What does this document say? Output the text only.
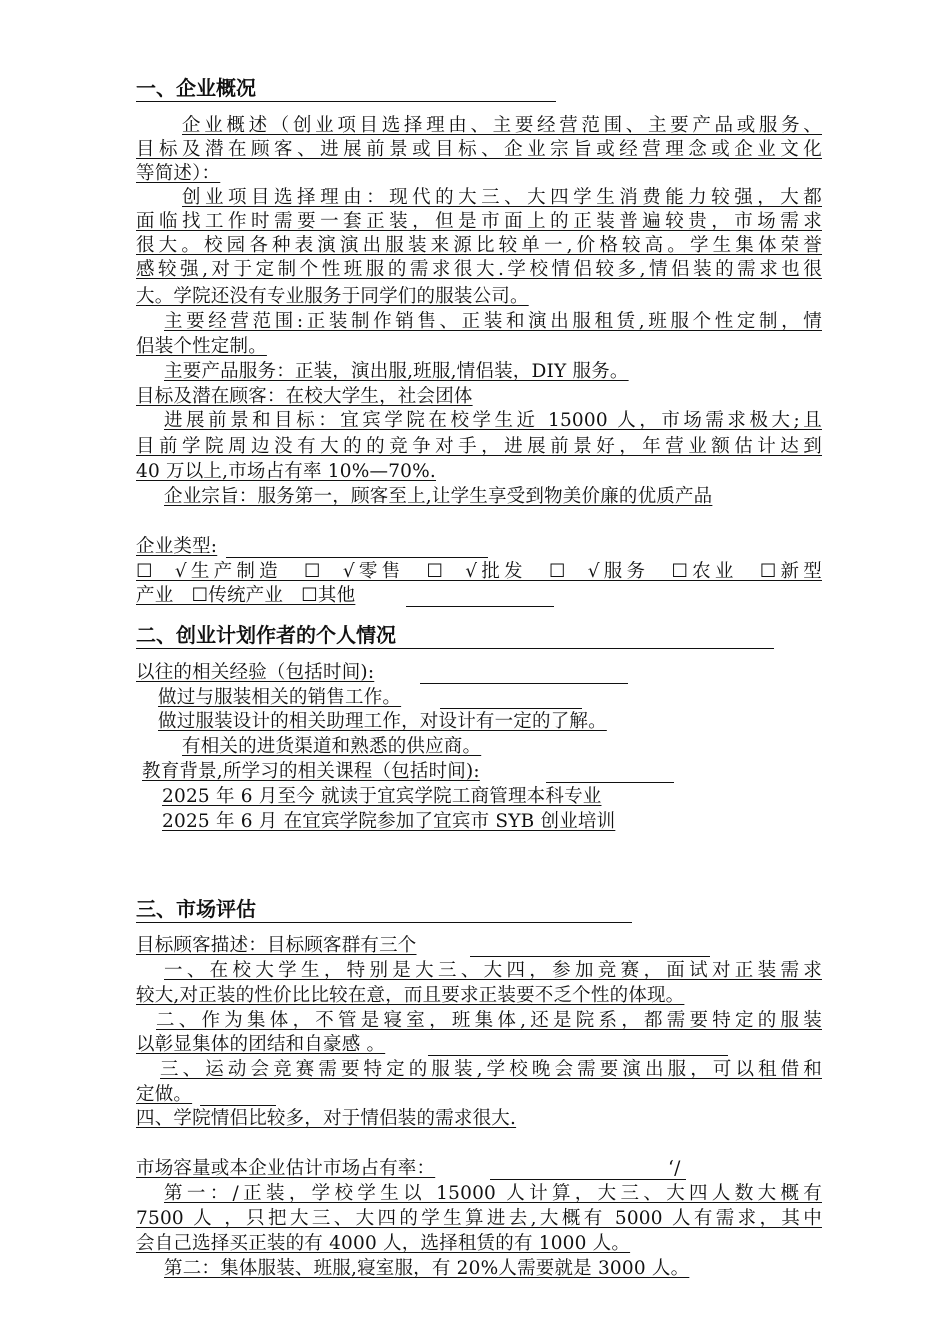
一、企业概况
企业概述（创业项目选择理由、主要经营范围、主要产品或服务、
目标及潜在顾客、进展前景或目标、企业宗旨或经营理念或企业文化
等简述）：
创业项目选择理由：现代的大三、大四学生消费能力较强，大都
面临找工作时需要一套正装，但是市面上的正装普遍较贵，市场需求
很大。校园各种表演演出服装来源比较单一,价格较高。学生集体荣誉
感较强,对于定制个性班服的需求很大.学校情侣较多,情侣装的需求也很
大。学院还没有专业服务于同学们的服装公司。
主要经营范围:正装制作销售、正装和演出服租赁,班服个性定制，情
侣装个性定制。
主要产品服务：正装，演出服,班服,情侣装，DIY 服务。
目标及潜在顾客：在校大学生，社会团体
进展前景和目标：宜宾学院在校学生近 15000 人，市场需求极大;且
目前学院周边没有大的的竞争对手，进展前景好，年营业额估计达到
40 万以上,市场占有率 10%—70%.
企业宗旨：服务第一，顾客至上,让学生享受到物美价廉的优质产品
企业类型:
☐ √生产制造 ☐ √零售 ☐ √批发 ☐ √服务 ☐农业 ☐新型
产业 ☐传统产业 ☐其他
二、创业计划作者的个人情况
以往的相关经验（包括时间):
做过与服装相关的销售工作。
做过服装设计的相关助理工作，对设计有一定的了解。
有相关的进货渠道和熟悉的供应商。
教育背景,所学习的相关课程（包括时间):
2025 年 6 月至今 就读于宜宾学院工商管理本科专业
2025 年 6 月 在宜宾学院参加了宜宾市 SYB 创业培训
三、市场评估
目标顾客描述：目标顾客群有三个
一、在校大学生，特别是大三、大四，参加竞赛，面试对正装需求
较大,对正装的性价比比较在意，而且要求正装要不乏个性的体现。
二、作为集体，不管是寝室，班集体,还是院系，都需要特定的服装
以彰显集体的团结和自豪感 。
三、运动会竞赛需要特定的服装,学校晚会需要演出服，可以租借和
定做。
四、学院情侣比较多，对于情侣装的需求很大.
市场容量或本企业估计市场占有率：	‘/
第一：/正装，学校学生以 15000 人计算，大三、大四人数大概有
7500 人 ，只把大三、大四的学生算进去,大概有 5000 人有需求，其中
会自己选择买正装的有 4000 人，选择租赁的有 1000 人。
第二：集体服装、班服,寝室服，有 20%人需要就是 3000 人。
